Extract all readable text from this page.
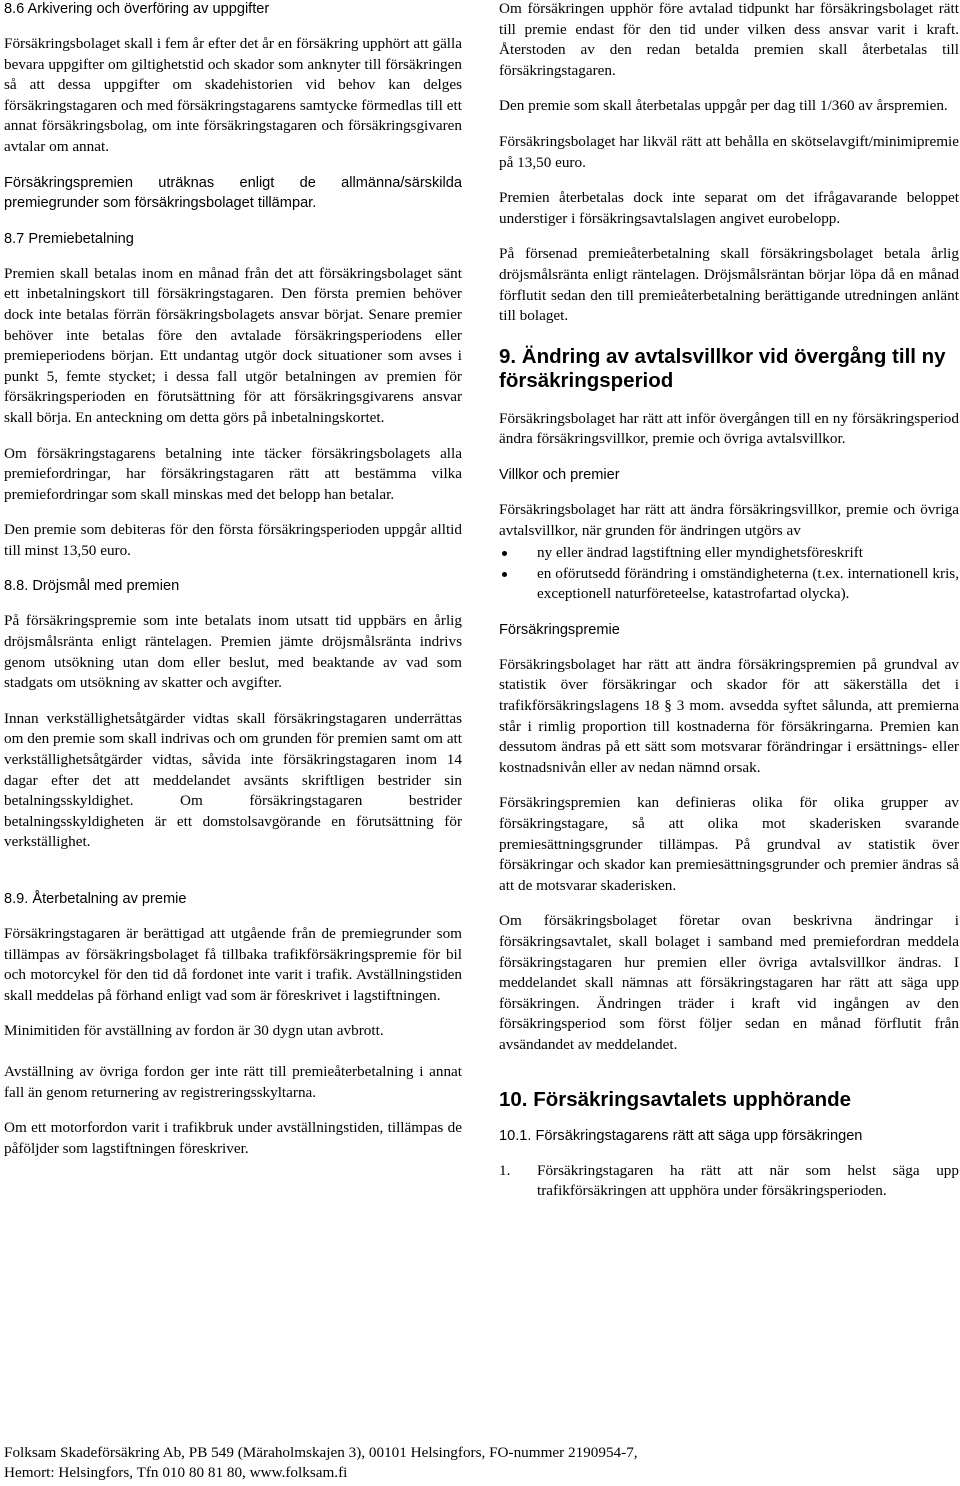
8.6 Arkivering och överföring av uppgifter

Försäkringsbolaget skall i fem år efter det år en försäkring upphört att gälla bevara uppgifter om giltighetstid och skador som anknyter till försäkringen så att dessa uppgifter om skadehistorien vid behov kan delges försäkringstagaren och med försäkringstagarens samtycke förmedlas till ett annat försäkringsbolag, om inte försäkringstagaren och försäkringsgivaren avtalar om annat.

Försäkringspremien uträknas enligt de allmänna/särskilda premiegrunder som försäkringsbolaget tillämpar.

8.7 Premiebetalning

Premien skall betalas inom en månad från det att försäkringsbolaget sänt ett inbetalningskort till försäkringstagaren. Den första premien behöver dock inte betalas förrän försäkringsbolagets ansvar börjat. Senare premier behöver inte betalas före den avtalade försäkringsperiodens eller premieperiodens början. Ett undantag utgör dock situationer som avses i punkt 5, femte stycket; i dessa fall utgör betalningen av premien för försäkringsperioden en förutsättning för att försäkringsgivarens ansvar skall börja. En anteckning om detta görs på inbetalningskortet.

Om försäkringstagarens betalning inte täcker försäkringsbolagets alla premiefordringar, har försäkringstagaren rätt att bestämma vilka premiefordringar som skall minskas med det belopp han betalar.

Den premie som debiteras för den första försäkringsperioden uppgår alltid till minst 13,50 euro.

8.8. Dröjsmål med premien

På försäkringspremie som inte betalats inom utsatt tid uppbärs en årlig dröjsmålsränta enligt räntelagen. Premien jämte dröjsmålsränta indrivs genom utsökning utan dom eller beslut, med beaktande av vad som stadgats om utsökning av skatter och avgifter.

Innan verkställighetsåtgärder vidtas skall försäkringstagaren underrättas om den premie som skall indrivas och om grunden för premien samt om att verkställighetsåtgärder vidtas, såvida inte försäkringstagaren inom 14 dagar efter det att meddelandet avsänts skriftligen bestrider sin betalningsskyldighet. Om försäkringstagaren bestrider betalningsskyldigheten är ett domstolsavgörande en förutsättning för verkställighet.

8.9. Återbetalning av premie

Försäkringstagaren är berättigad att utgående från de premiegrunder som tillämpas av försäkringsbolaget få tillbaka trafikförsäkringspremie för bil och motorcykel för den tid då fordonet inte varit i trafik. Avställningstiden skall meddelas på förhand enligt vad som är föreskrivet i lagstiftningen.

Minimitiden för avställning av fordon är 30 dygn utan avbrott.

Avställning av övriga fordon ger inte rätt till premieåterbetalning i annat fall än genom returnering av registreringsskyltarna.

Om ett motorfordon varit i trafikbruk under avställningstiden, tillämpas de påföljder som lagstiftningen föreskriver.

Om försäkringen upphör före avtalad tidpunkt har försäkringsbolaget rätt till premie endast för den tid under vilken dess ansvar varit i kraft. Återstoden av den redan betalda premien skall återbetalas till försäkringstagaren.

Den premie som skall återbetalas uppgår per dag till 1/360 av årspremien.

Försäkringsbolaget har likväl rätt att behålla en skötselavgift/minimipremie på 13,50 euro.

Premien återbetalas dock inte separat om det ifrågavarande beloppet understiger i försäkringsavtalslagen angivet eurobelopp.

På försenad premieåterbetalning skall försäkringsbolaget betala årlig dröjsmålsränta enligt räntelagen. Dröjsmålsräntan börjar löpa då en månad förflutit sedan den till premieåterbetalning berättigande utredningen anlänt till bolaget.

9. Ändring av avtalsvillkor vid övergång till ny försäkringsperiod

Försäkringsbolaget har rätt att inför övergången till en ny försäkringsperiod ändra försäkringsvillkor, premie och övriga avtalsvillkor.

Villkor och premier

Försäkringsbolaget har rätt att ändra försäkringsvillkor, premie och övriga avtalsvillkor, när grunden för ändringen utgörs av

ny eller ändrad lagstiftning eller myndighetsföreskrift
en oförutsedd förändring i omständigheterna (t.ex. internationell kris, exceptionell naturföreteelse, katastrofartad olycka).
Försäkringspremie

Försäkringsbolaget har rätt att ändra försäkringspremien på grundval av statistik över försäkringar och skador för att säkerställa det i trafikförsäkringslagens 18 § 3 mom. avsedda syftet sålunda, att premierna står i rimlig proportion till kostnaderna för försäkringarna. Premien kan dessutom ändras på ett sätt som motsvarar förändringar i ersättnings- eller kostnadsnivån eller av nedan nämnd orsak.

Försäkringspremien kan definieras olika för olika grupper av försäkringstagare, så att olika mot skaderisken svarande premiesättningsgrunder tillämpas. På grundval av statistik över försäkringar och skador kan premiesättningsgrunder och premier ändras så att de motsvarar skaderisken.

Om försäkringsbolaget företar ovan beskrivna ändringar i försäkringsavtalet, skall bolaget i samband med premiefordran meddela försäkringstagaren hur premien eller övriga avtalsvillkor ändras. I meddelandet skall nämnas att försäkringstagaren har rätt att säga upp försäkringen. Ändringen träder i kraft vid ingången av den försäkringsperiod som först följer sedan en månad förflutit från avsändandet av meddelandet.

10. Försäkringsavtalets upphörande
10.1. Försäkringstagarens rätt att säga upp försäkringen
1. Försäkringstagaren ha rätt att när som helst säga upp trafikförsäkringen att upphöra under försäkringsperioden.
Folksam Skadeförsäkring Ab, PB 549 (Märaholmskajen 3), 00101 Helsingfors, FO-nummer 2190954-7,
Hemort: Helsingfors, Tfn 010 80 81 80, www.folksam.fi
